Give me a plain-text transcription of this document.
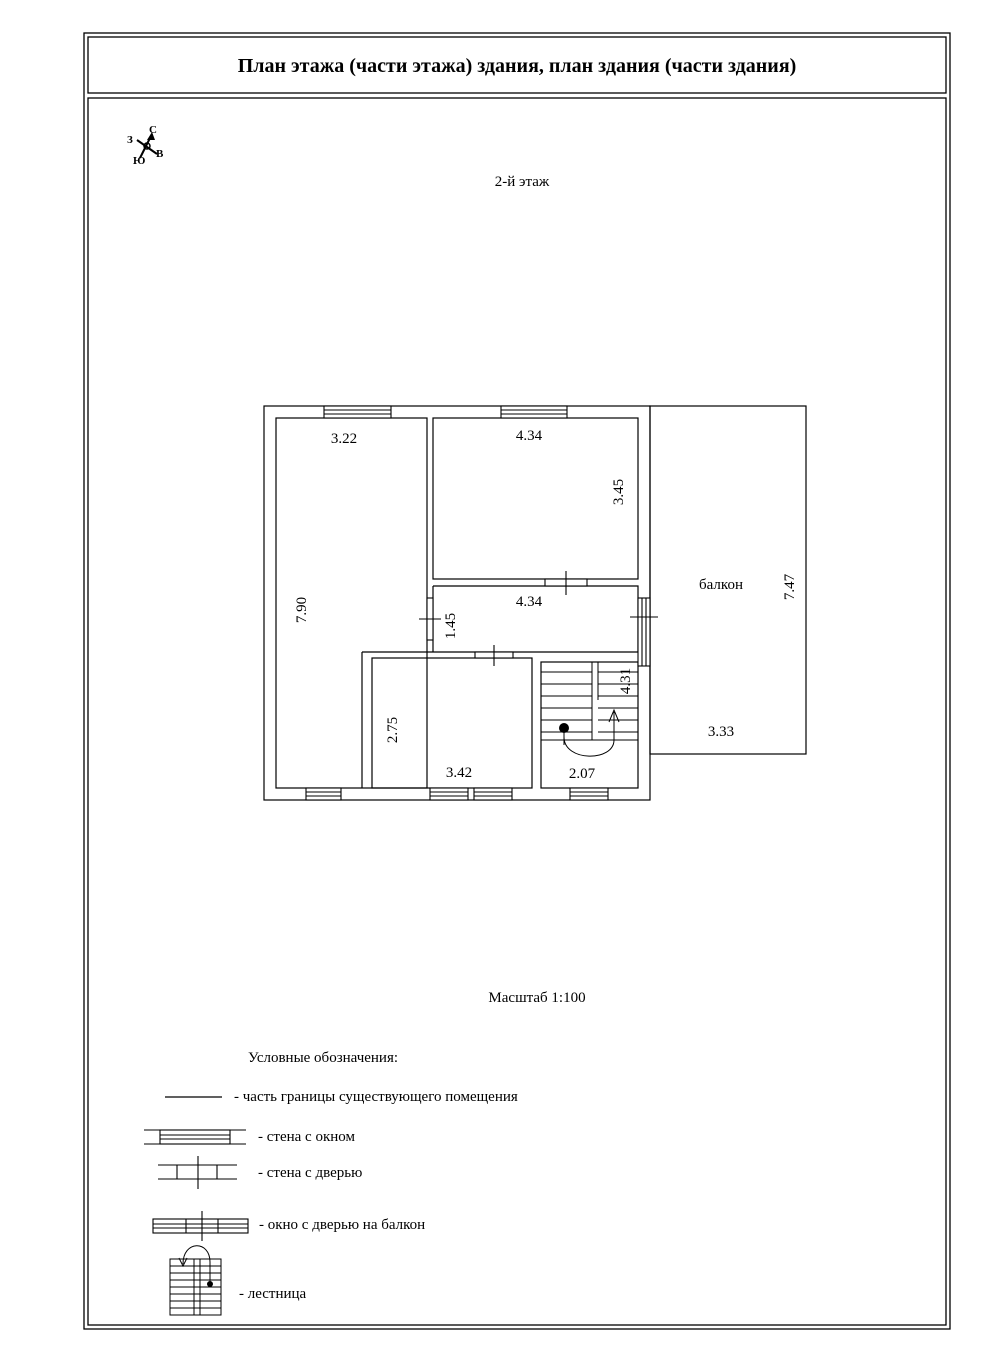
План этажа (части этажа) здания, план здания (части здания)
С
З
В
Ю
2-й этаж
3.22
7.90
4.34
3.45
4.34
1.45
2.75
3.42
4.31
2.07
балкон	7.47
3.33
Масштаб 1:100
Условные обозначения:
- часть границы существующего помещения
- стена с окном
- стена с дверью
- окно с дверью на балкон
- лестница
